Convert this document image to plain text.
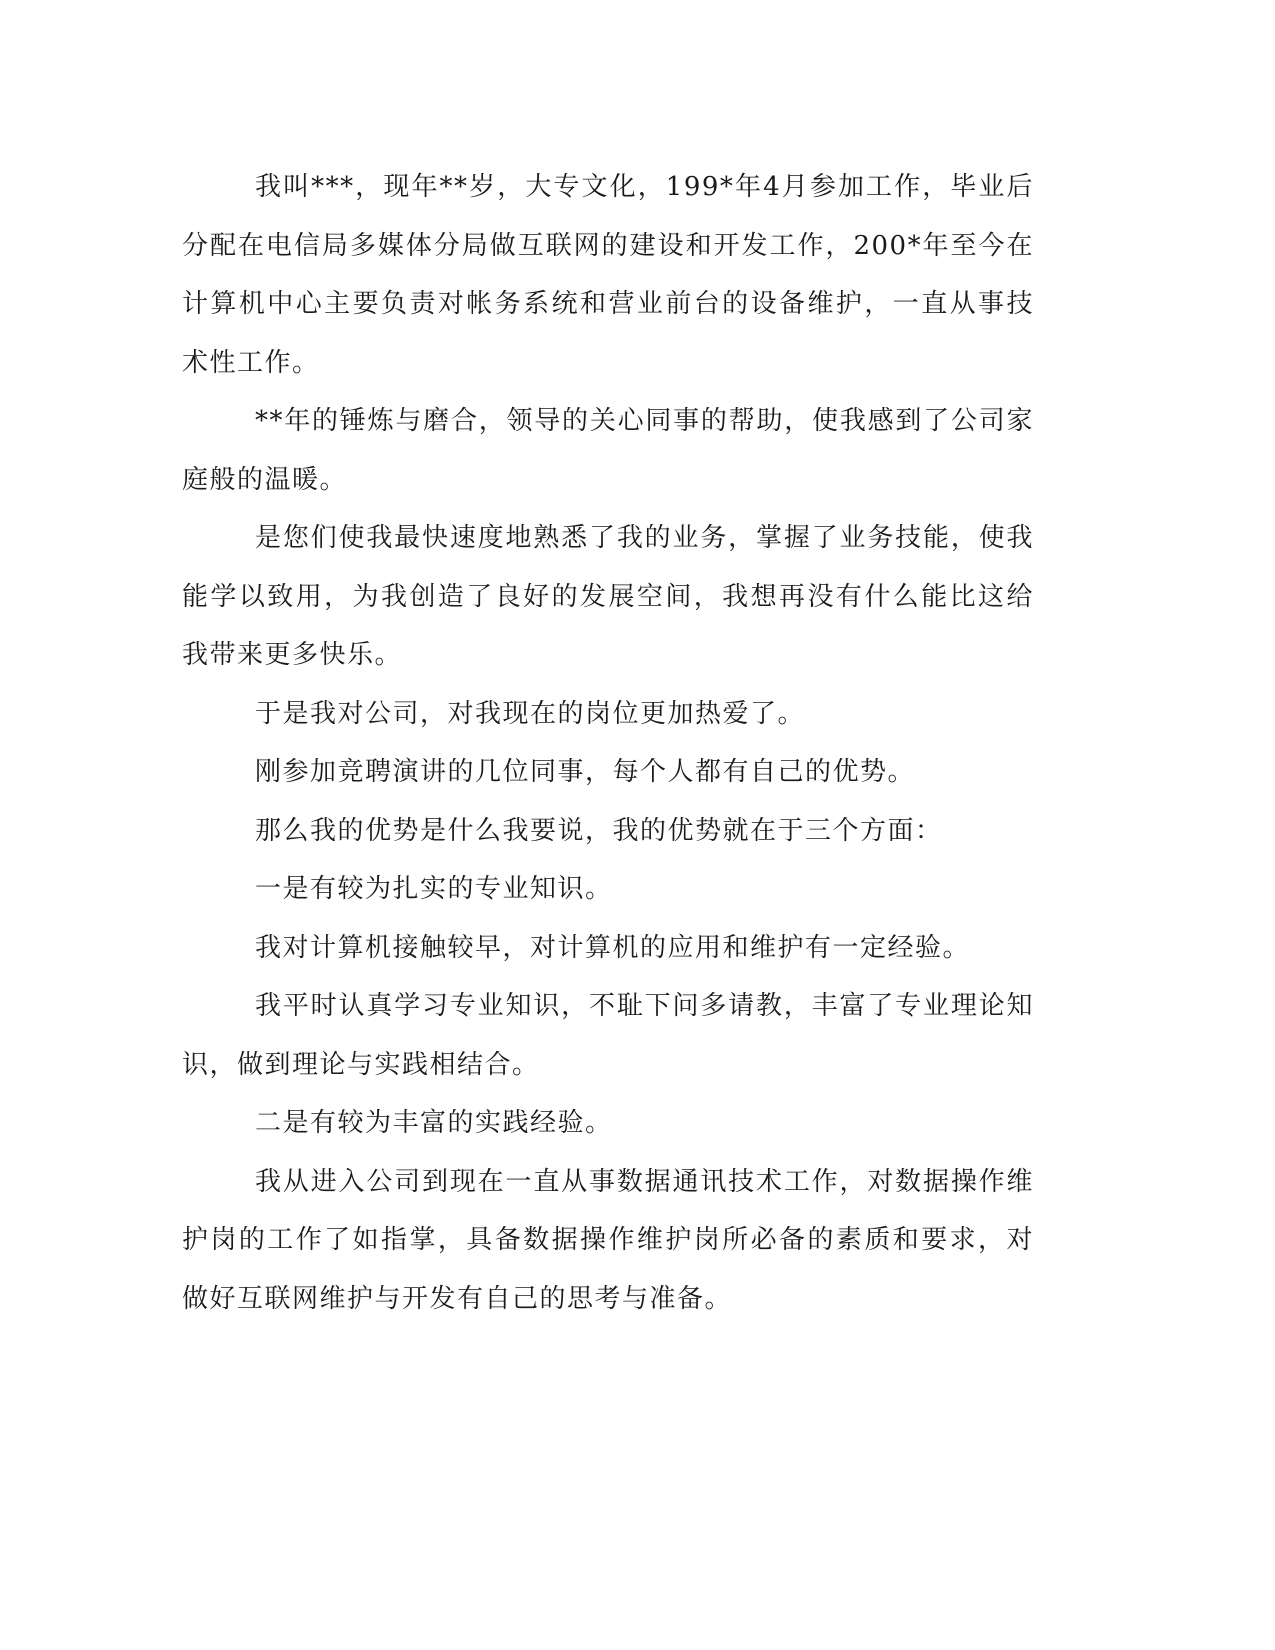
我叫***，现年**岁，大专文化，199*年4月参加工作，毕业后分配在电信局多媒体分局做互联网的建设和开发工作，200*年至今在计算机中心主要负责对帐务系统和营业前台的设备维护，一直从事技术性工作。

**年的锤炼与磨合，领导的关心同事的帮助，使我感到了公司家庭般的温暖。

是您们使我最快速度地熟悉了我的业务，掌握了业务技能，使我能学以致用，为我创造了良好的发展空间，我想再没有什么能比这给我带来更多快乐。

于是我对公司，对我现在的岗位更加热爱了。

刚参加竞聘演讲的几位同事，每个人都有自己的优势。

那么我的优势是什么我要说，我的优势就在于三个方面：

一是有较为扎实的专业知识。

我对计算机接触较早，对计算机的应用和维护有一定经验。

我平时认真学习专业知识，不耻下问多请教，丰富了专业理论知识，做到理论与实践相结合。

二是有较为丰富的实践经验。

我从进入公司到现在一直从事数据通讯技术工作，对数据操作维护岗的工作了如指掌，具备数据操作维护岗所必备的素质和要求，对做好互联网维护与开发有自己的思考与准备。
